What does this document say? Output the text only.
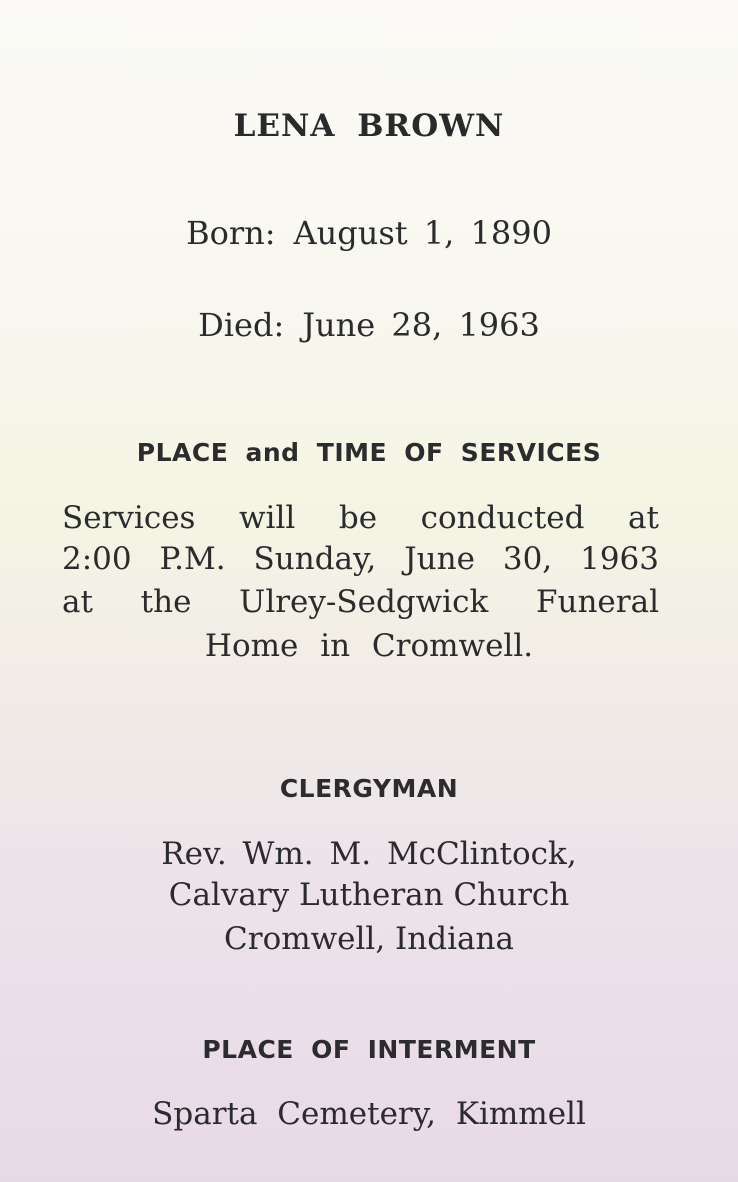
LENA BROWN
Born: August 1, 1890
Died: June 28, 1963
PLACE and TIME OF SERVICES
Services will be conducted at
2:00 P.M. Sunday, June 30, 1963
at the Ulrey-Sedgwick Funeral
Home in Cromwell.
CLERGYMAN
Rev. Wm. M. McClintock,
Calvary Lutheran Church
Cromwell, Indiana
PLACE OF INTERMENT
Sparta Cemetery, Kimmell
